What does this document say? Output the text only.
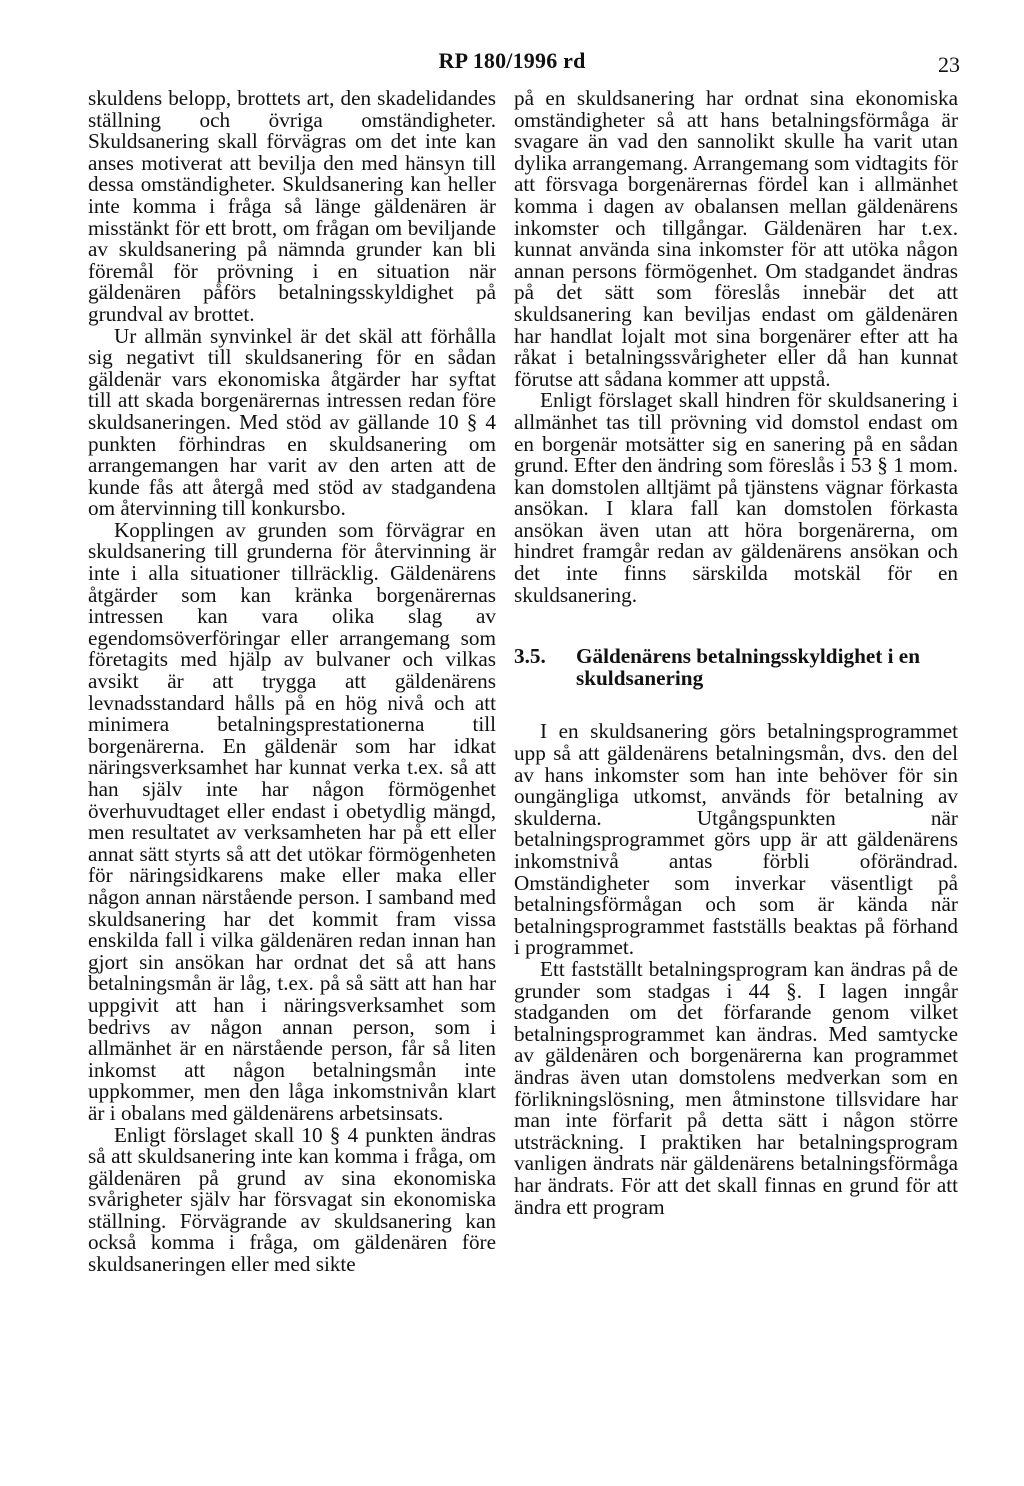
RP 180/1996 rd	23

skuldens belopp, brottets art, den skadelidandes ställning och övriga omständigheter. Skuldsanering skall förvägras om det inte kan anses motiverat att bevilja den med hänsyn till dessa omständigheter. Skuldsanering kan heller inte komma i fråga så länge gäldenären är misstänkt för ett brott, om frågan om beviljande av skuldsanering på nämnda grunder kan bli föremål för prövning i en situation när gäldenären påförs betalningsskyldighet på grundval av brottet.

Ur allmän synvinkel är det skäl att förhålla sig negativt till skuldsanering för en sådan gäldenär vars ekonomiska åtgärder har syftat till att skada borgenärernas intressen redan före skuldsaneringen. Med stöd av gällande 10 § 4 punkten förhindras en skuldsanering om arrangemangen har varit av den arten att de kunde fås att återgå med stöd av stadgandena om återvinning till konkursbo.

Kopplingen av grunden som förvägrar en skuldsanering till grunderna för återvinning är inte i alla situationer tillräcklig. Gäldenärens åtgärder som kan kränka borgenärernas intressen kan vara olika slag av egendomsöverföringar eller arrangemang som företagits med hjälp av bulvaner och vilkas avsikt är att trygga att gäldenärens levnadsstandard hålls på en hög nivå och att minimera betalningsprestationerna till borgenärerna. En gäldenär som har idkat näringsverksamhet har kunnat verka t.ex. så att han själv inte har någon förmögenhet överhuvudtaget eller endast i obetydlig mängd, men resultatet av verksamheten har på ett eller annat sätt styrts så att det utökar förmögenheten för näringsidkarens make eller maka eller någon annan närstående person. I samband med skuldsanering har det kommit fram vissa enskilda fall i vilka gäldenären redan innan han gjort sin ansökan har ordnat det så att hans betalningsmån är låg, t.ex. på så sätt att han har uppgivit att han i näringsverksamhet som bedrivs av någon annan person, som i allmänhet är en närstående person, får så liten inkomst att någon betalningsmån inte uppkommer, men den låga inkomstnivån klart är i obalans med gäldenärens arbetsinsats.

Enligt förslaget skall 10 § 4 punkten ändras så att skuldsanering inte kan komma i fråga, om gäldenären på grund av sina ekonomiska svårigheter själv har försvagat sin ekonomiska ställning. Förvägrande av skuldsanering kan också komma i fråga, om gäldenären före skuldsaneringen eller med sikte

på en skuldsanering har ordnat sina ekonomiska omständigheter så att hans betalningsförmåga är svagare än vad den sannolikt skulle ha varit utan dylika arrangemang. Arrangemang som vidtagits för att försvaga borgenärernas fördel kan i allmänhet komma i dagen av obalansen mellan gäldenärens inkomster och tillgångar. Gäldenären har t.ex. kunnat använda sina inkomster för att utöka någon annan persons förmögenhet. Om stadgandet ändras på det sätt som föreslås innebär det att skuldsanering kan beviljas endast om gäldenären har handlat lojalt mot sina borgenärer efter att ha råkat i betalningssvårigheter eller då han kunnat förutse att sådana kommer att uppstå.

Enligt förslaget skall hindren för skuldsanering i allmänhet tas till prövning vid domstol endast om en borgenär motsätter sig en sanering på en sådan grund. Efter den ändring som föreslås i 53 § 1 mom. kan domstolen alltjämt på tjänstens vägnar förkasta ansökan. I klara fall kan domstolen förkasta ansökan även utan att höra borgenärerna, om hindret framgår redan av gäldenärens ansökan och det inte finns särskilda motskäl för en skuldsanering.

3.5.	Gäldenärens betalningsskyldighet i en skuldsanering

I en skuldsanering görs betalningsprogrammet upp så att gäldenärens betalningsmån, dvs. den del av hans inkomster som han inte behöver för sin oungängliga utkomst, används för betalning av skulderna. Utgångspunkten när betalningsprogrammet görs upp är att gäldenärens inkomstnivå antas förbli oförändrad. Omständigheter som inverkar väsentligt på betalningsförmågan och som är kända när betalningsprogrammet fastställs beaktas på förhand i programmet.

Ett fastställt betalningsprogram kan ändras på de grunder som stadgas i 44 §. I lagen inngår stadganden om det förfarande genom vilket betalningsprogrammet kan ändras. Med samtycke av gäldenären och borgenärerna kan programmet ändras även utan domstolens medverkan som en förlikningslösning, men åtminstone tillsvidare har man inte förfarit på detta sätt i någon större utsträckning. I praktiken har betalningsprogram vanligen ändrats när gäldenärens betalningsförmåga har ändrats. För att det skall finnas en grund för att ändra ett program
